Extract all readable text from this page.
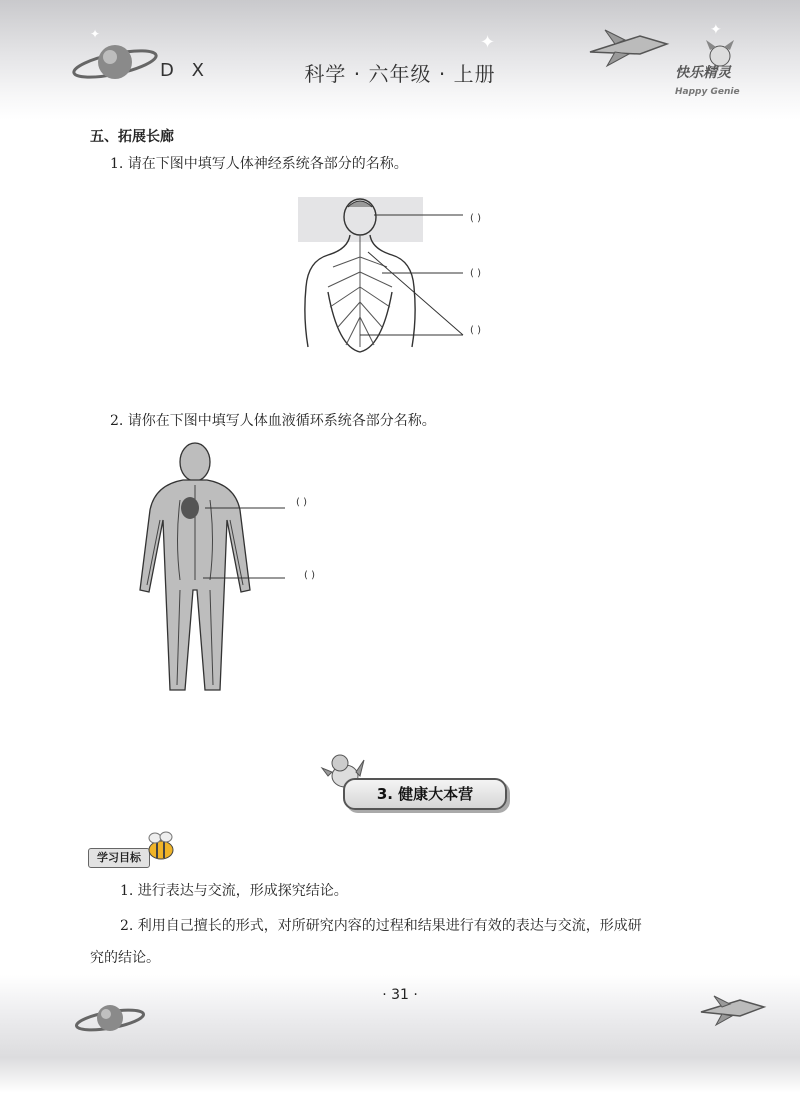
✦
✦	✦
D X	科学 · 六年级 · 上册	快乐精灵
Happy Genie
五、拓展长廊
1. 请在下图中填写人体神经系统各部分的名称。
( )
( )
( )
2. 请你在下图中填写人体血液循环系统各部分名称。
( )
( )
3. 健康大本营
学习目标
1. 进行表达与交流，形成探究结论。
2. 利用自己擅长的形式，对所研究内容的过程和结果进行有效的表达与交流，形成研
究的结论。
· 31 ·
